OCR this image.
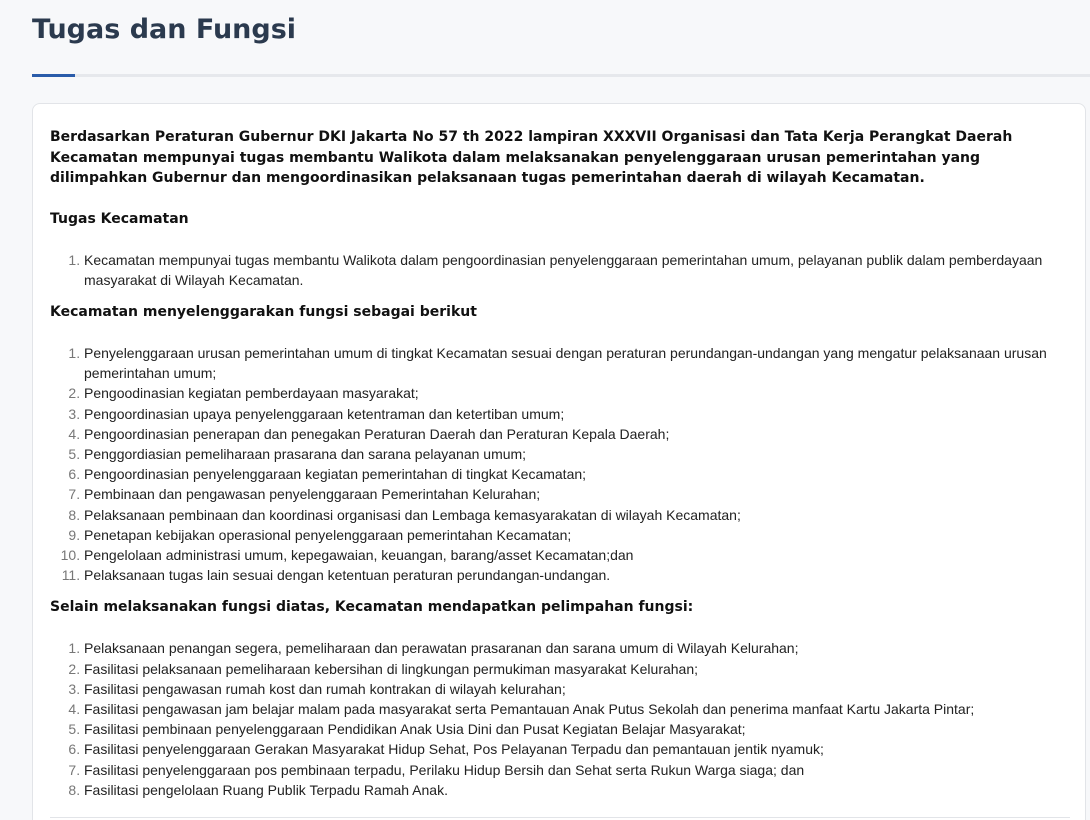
Tugas dan Fungsi

Berdasarkan Peraturan Gubernur DKI Jakarta No 57 th 2022 lampiran XXXVII Organisasi dan Tata Kerja Perangkat Daerah Kecamatan mempunyai tugas membantu Walikota dalam melaksanakan penyelenggaraan urusan pemerintahan yang dilimpahkan Gubernur dan mengoordinasikan pelaksanaan tugas pemerintahan daerah di wilayah Kecamatan.

Tugas Kecamatan
1. Kecamatan mempunyai tugas membantu Walikota dalam pengoordinasian penyelenggaraan pemerintahan umum, pelayanan publik dalam pemberdayaan masyarakat di Wilayah Kecamatan.
Kecamatan menyelenggarakan fungsi sebagai berikut
1. Penyelenggaraan urusan pemerintahan umum di tingkat Kecamatan sesuai dengan peraturan perundangan-undangan yang mengatur pelaksanaan urusan pemerintahan umum;
2. Pengoodinasian kegiatan pemberdayaan masyarakat;
3. Pengoordinasian upaya penyelenggaraan ketentraman dan ketertiban umum;
4. Pengoordinasian penerapan dan penegakan Peraturan Daerah dan Peraturan Kepala Daerah;
5. Penggordiasian pemeliharaan prasarana dan sarana pelayanan umum;
6. Pengoordinasian penyelenggaraan kegiatan pemerintahan di tingkat Kecamatan;
7. Pembinaan dan pengawasan penyelenggaraan Pemerintahan Kelurahan;
8. Pelaksanaan pembinaan dan koordinasi organisasi dan Lembaga kemasyarakatan di wilayah Kecamatan;
9. Penetapan kebijakan operasional penyelenggaraan pemerintahan Kecamatan;
10. Pengelolaan administrasi umum, kepegawaian, keuangan, barang/asset Kecamatan;dan
11. Pelaksanaan tugas lain sesuai dengan ketentuan peraturan perundangan-undangan.
Selain melaksanakan fungsi diatas, Kecamatan mendapatkan pelimpahan fungsi:
1. Pelaksanaan penangan segera, pemeliharaan dan perawatan prasaranan dan sarana umum di Wilayah Kelurahan;
2. Fasilitasi pelaksanaan pemeliharaan kebersihan di lingkungan permukiman masyarakat Kelurahan;
3. Fasilitasi pengawasan rumah kost dan rumah kontrakan di wilayah kelurahan;
4. Fasilitasi pengawasan jam belajar malam pada masyarakat serta Pemantauan Anak Putus Sekolah dan penerima manfaat Kartu Jakarta Pintar;
5. Fasilitasi pembinaan penyelenggaraan Pendidikan Anak Usia Dini dan Pusat Kegiatan Belajar Masyarakat;
6. Fasilitasi penyelenggaraan Gerakan Masyarakat Hidup Sehat, Pos Pelayanan Terpadu dan pemantauan jentik nyamuk;
7. Fasilitasi penyelenggaraan pos pembinaan terpadu, Perilaku Hidup Bersih dan Sehat serta Rukun Warga siaga; dan
8. Fasilitasi pengelolaan Ruang Publik Terpadu Ramah Anak.
